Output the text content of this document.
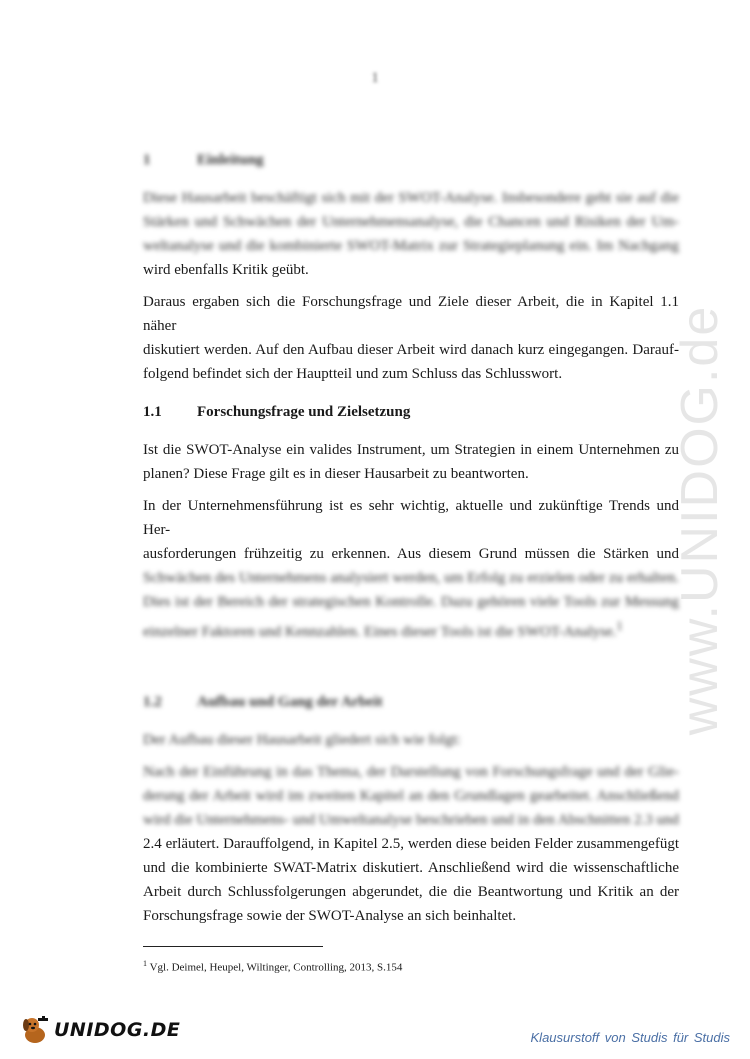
www.UNIDOG.de
1
1	Einleitung

Diese Hausarbeit beschäftigt sich mit der SWOT-Analyse. Insbesondere geht sie auf die
Stärken und Schwächen der Unternehmensanalyse, die Chancen und Risiken der Um-
weltanalyse und die kombinierte SWOT-Matrix zur Strategieplanung ein. Im Nachgang
wird ebenfalls Kritik geübt.

Daraus ergaben sich die Forschungsfrage und Ziele dieser Arbeit, die in Kapitel 1.1 näher
diskutiert werden. Auf den Aufbau dieser Arbeit wird danach kurz eingegangen. Darauf-
folgend befindet sich der Hauptteil und zum Schluss das Schlusswort.

1.1	Forschungsfrage und Zielsetzung

Ist die SWOT-Analyse ein valides Instrument, um Strategien in einem Unternehmen zu
planen? Diese Frage gilt es in dieser Hausarbeit zu beantworten.

In der Unternehmensführung ist es sehr wichtig, aktuelle und zukünftige Trends und Her-
ausforderungen frühzeitig zu erkennen. Aus diesem Grund müssen die Stärken und
Schwächen des Unternehmens analysiert werden, um Erfolg zu erzielen oder zu erhalten.
Dies ist der Bereich der strategischen Kontrolle. Dazu gehören viele Tools zur Messung
einzelner Faktoren und Kennzahlen. Eines dieser Tools ist die SWOT-Analyse.$^1$

1.2	Aufbau und Gang der Arbeit

Der Aufbau dieser Hausarbeit gliedert sich wie folgt:

Nach der Einführung in das Thema, der Darstellung von Forschungsfrage und der Glie-
derung der Arbeit wird im zweiten Kapitel an den Grundlagen gearbeitet. Anschließend
wird die Unternehmens- und Umweltanalyse beschrieben und in den Abschnitten 2.3 und
2.4 erläutert. Darauffolgend, in Kapitel 2.5, werden diese beiden Felder zusammengefügt
und die kombinierte SWAT-Matrix diskutiert. Anschließend wird die wissenschaftliche
Arbeit durch Schlussfolgerungen abgerundet, die die Beantwortung und Kritik an der
Forschungsfrage sowie der SWOT-Analyse an sich beinhaltet.

$^1$ Vgl. Deimel, Heupel, Wiltinger, Controlling, 2013, S.154
UNIDOG.DE	Klausurstoff von Studis für Studis
